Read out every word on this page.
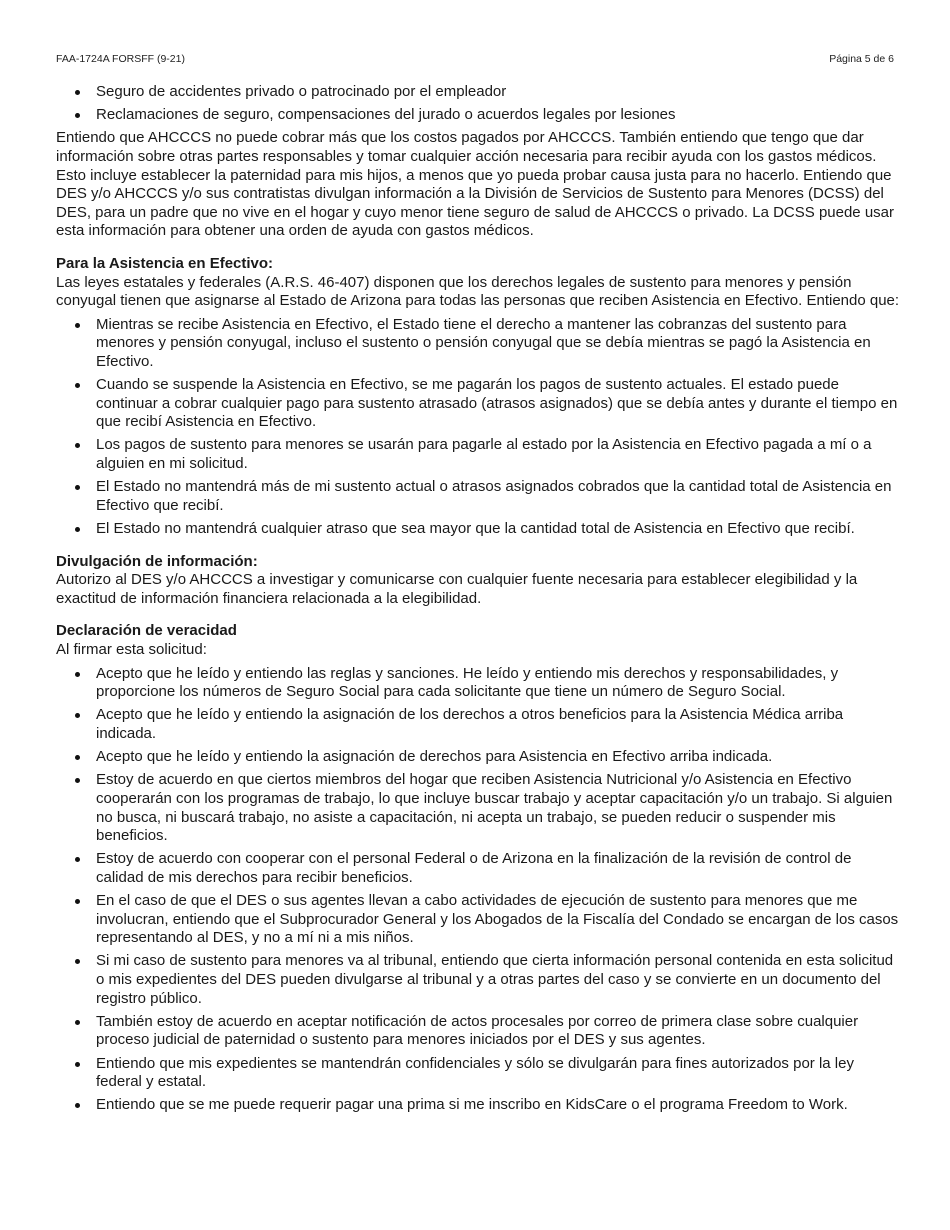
FAA-1724A FORSFF (9-21)	Página 5 de 6
Seguro de accidentes privado o patrocinado por el empleador
Reclamaciones de seguro, compensaciones del jurado o acuerdos legales por lesiones

Entiendo que AHCCCS no puede cobrar más que los costos pagados por AHCCCS. También entiendo que tengo que dar información sobre otras partes responsables y tomar cualquier acción necesaria para recibir ayuda con los gastos médicos. Esto incluye establecer la paternidad para mis hijos, a menos que yo pueda probar causa justa para no hacerlo. Entiendo que DES y/o AHCCCS y/o sus contratistas divulgan información a la División de Servicios de Sustento para Menores (DCSS) del DES, para un padre que no vive en el hogar y cuyo menor tiene seguro de salud de AHCCCS o privado. La DCSS puede usar esta información para obtener una orden de ayuda con gastos médicos.

Para la Asistencia en Efectivo:

Las leyes estatales y federales (A.R.S. 46-407) disponen que los derechos legales de sustento para menores y pensión conyugal tienen que asignarse al Estado de Arizona para todas las personas que reciben Asistencia en Efectivo. Entiendo que:

Mientras se recibe Asistencia en Efectivo, el Estado tiene el derecho a mantener las cobranzas del sustento para menores y pensión conyugal, incluso el sustento o pensión conyugal que se debía mientras se pagó la Asistencia en Efectivo.
Cuando se suspende la Asistencia en Efectivo, se me pagarán los pagos de sustento actuales. El estado puede continuar a cobrar cualquier pago para sustento atrasado (atrasos asignados) que se debía antes y durante el tiempo en que recibí Asistencia en Efectivo.
Los pagos de sustento para menores se usarán para pagarle al estado por la Asistencia en Efectivo pagada a mí o a alguien en mi solicitud.
El Estado no mantendrá más de mi sustento actual o atrasos asignados cobrados que la cantidad total de Asistencia en Efectivo que recibí.
El Estado no mantendrá cualquier atraso que sea mayor que la cantidad total de Asistencia en Efectivo que recibí.

Divulgación de información:

Autorizo al DES y/o AHCCCS a investigar y comunicarse con cualquier fuente necesaria para establecer elegibilidad y la exactitud de información financiera relacionada a la elegibilidad.

Declaración de veracidad

Al firmar esta solicitud:

Acepto que he leído y entiendo las reglas y sanciones. He leído y entiendo mis derechos y responsabilidades, y proporcione los números de Seguro Social para cada solicitante que tiene un número de Seguro Social.
Acepto que he leído y entiendo la asignación de los derechos a otros beneficios para la Asistencia Médica arriba indicada.
Acepto que he leído y entiendo la asignación de derechos para Asistencia en Efectivo arriba indicada.
Estoy de acuerdo en que ciertos miembros del hogar que reciben Asistencia Nutricional y/o Asistencia en Efectivo cooperarán con los programas de trabajo, lo que incluye buscar trabajo y aceptar capacitación y/o un trabajo. Si alguien no busca, ni buscará trabajo, no asiste a capacitación, ni acepta un trabajo, se pueden reducir o suspender mis beneficios.
Estoy de acuerdo con cooperar con el personal Federal o de Arizona en la finalización de la revisión de control de calidad de mis derechos para recibir beneficios.
En el caso de que el DES o sus agentes llevan a cabo actividades de ejecución de sustento para menores que me involucran, entiendo que el Subprocurador General y los Abogados de la Fiscalía del Condado se encargan de los casos representando al DES, y no a mí ni a mis niños.
Si mi caso de sustento para menores va al tribunal, entiendo que cierta información personal contenida en esta solicitud o mis expedientes del DES pueden divulgarse al tribunal y a otras partes del caso y se convierte en un documento del registro público.
También estoy de acuerdo en aceptar notificación de actos procesales por correo de primera clase sobre cualquier proceso judicial de paternidad o sustento para menores iniciados por el DES y sus agentes.
Entiendo que mis expedientes se mantendrán confidenciales y sólo se divulgarán para fines autorizados por la ley federal y estatal.
Entiendo que se me puede requerir pagar una prima si me inscribo en KidsCare o el programa Freedom to Work.
